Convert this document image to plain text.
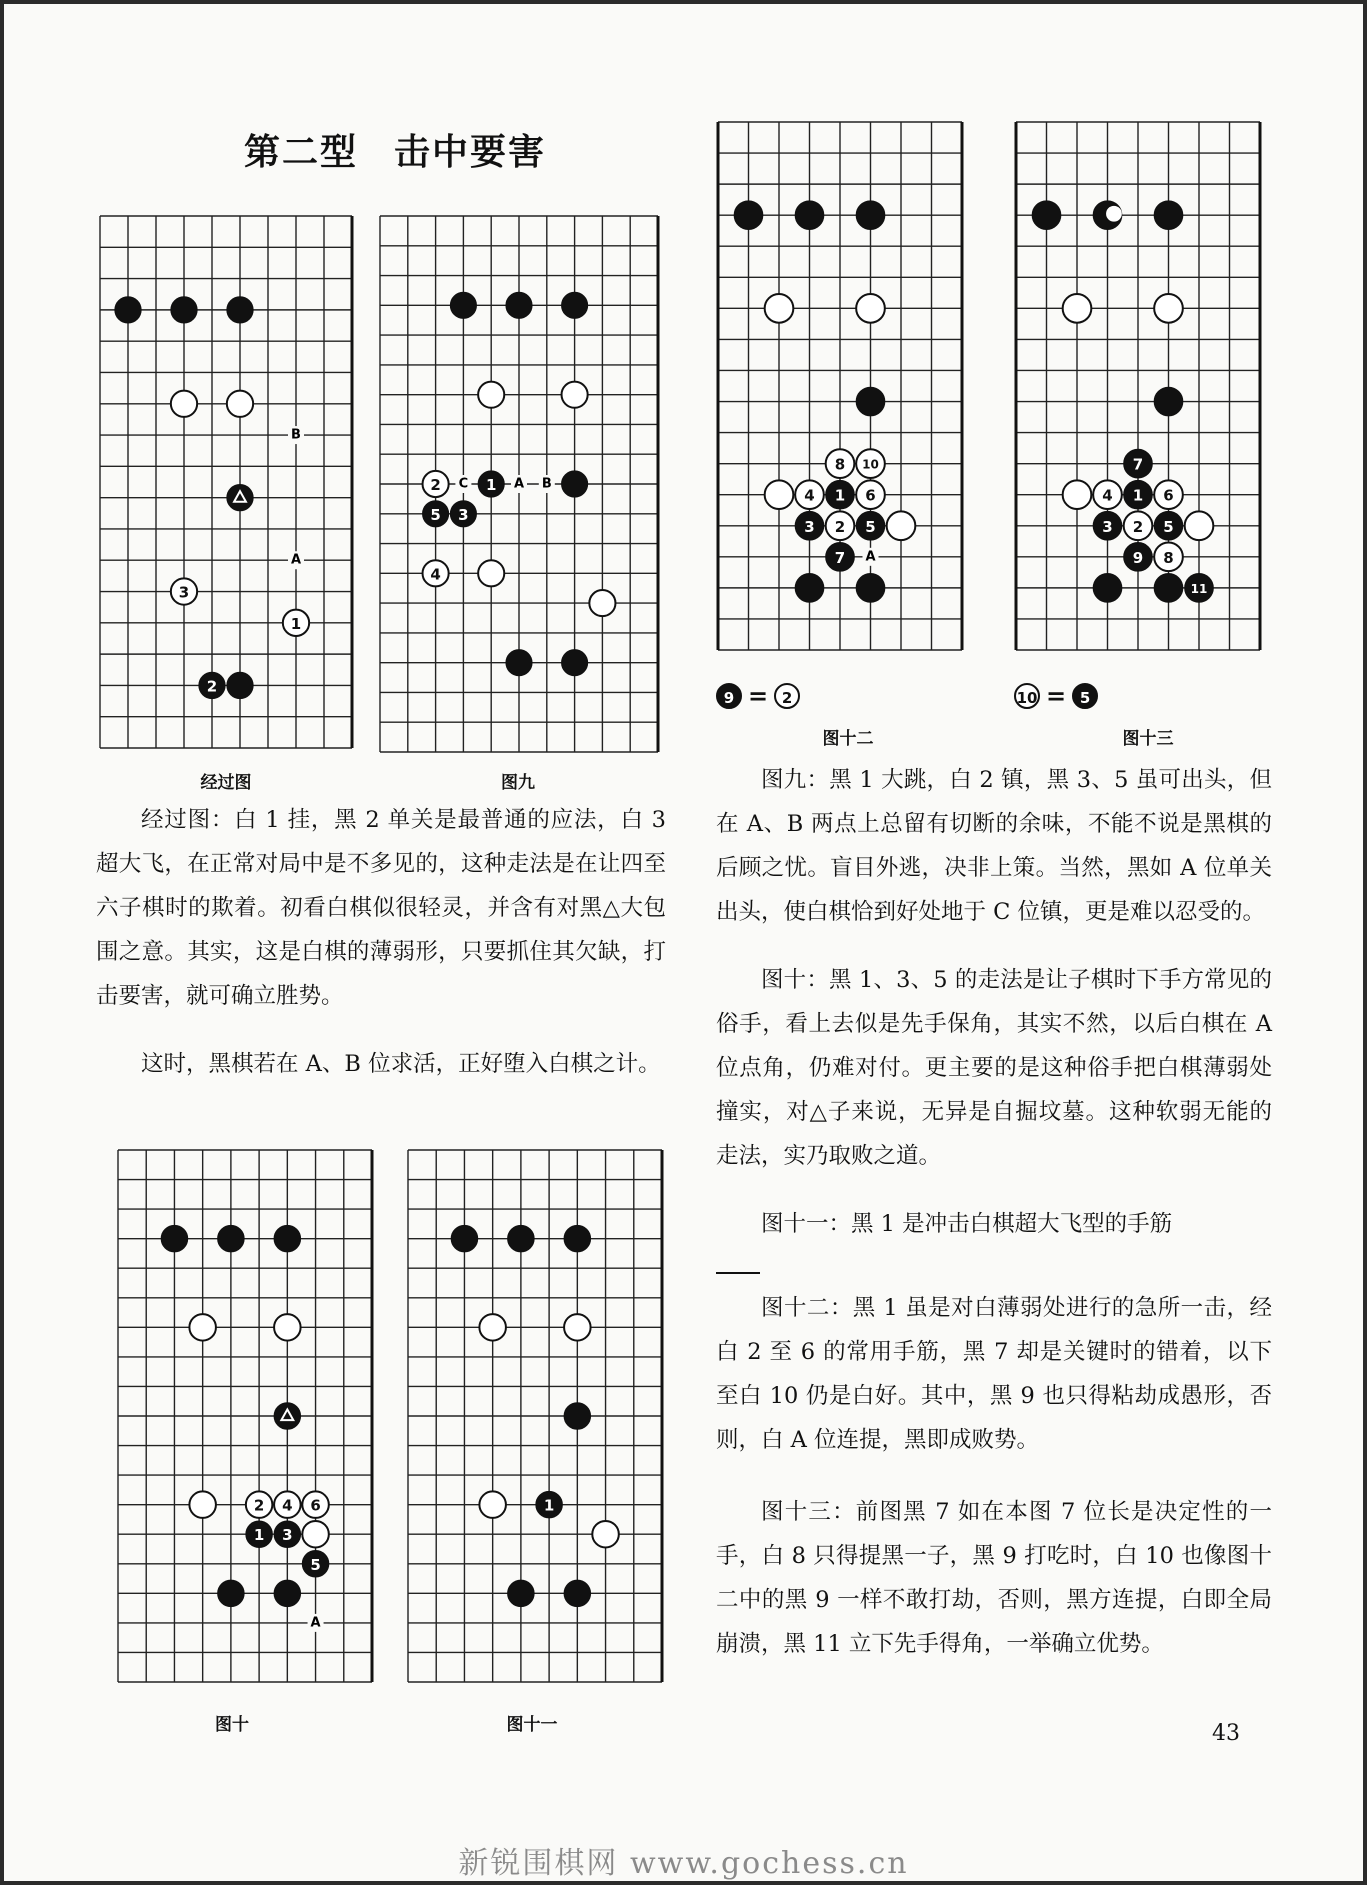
第二型 击中要害
B
A
3
1
2
C	A B
2	1
5 3
4
A
2 4 6
1 3
5
1
A
8 10
4 1 6
3 2 5
7
7
4 1 6
3 2 5
9 8
11
经过图	图九
图十	图十一
图十二	图十三
9 = 2	10 = 5
经过图：白 1 挂，黑 2 单关是最普通的应法，白 3 超大飞，在正常对局中是不多见的，这种走法是在让四至六子棋时的欺着。初看白棋似很轻灵，并含有对黑△大包围之意。其实，这是白棋的薄弱形，只要抓住其欠缺，打击要害，就可确立胜势。
这时，黑棋若在 A、B 位求活，正好堕入白棋之计。
图九：黑 1 大跳，白 2 镇，黑 3、5 虽可出头，但在 A、B 两点上总留有切断的余味，不能不说是黑棋的后顾之忧。盲目外逃，决非上策。当然，黑如 A 位单关出头，使白棋恰到好处地于 C 位镇，更是难以忍受的。
图十：黑 1、3、5 的走法是让子棋时下手方常见的俗手，看上去似是先手保角，其实不然，以后白棋在 A 位点角，仍难对付。更主要的是这种俗手把白棋薄弱处撞实，对△子来说，无异是自掘坟墓。这种软弱无能的走法，实乃取败之道。
图十一：黑 1 是冲击白棋超大飞型的手筋
图十二：黑 1 虽是对白薄弱处进行的急所一击，经白 2 至 6 的常用手筋，黑 7 却是关键时的错着，以下至白 10 仍是白好。其中，黑 9 也只得粘劫成愚形，否则，白 A 位连提，黑即成败势。
图十三：前图黑 7 如在本图 7 位长是决定性的一手，白 8 只得提黑一子，黑 9 打吃时，白 10 也像图十二中的黑 9 一样不敢打劫，否则，黑方连提，白即全局崩溃，黑 11 立下先手得角，一举确立优势。
43
新锐围棋网 www.gochess.cn
